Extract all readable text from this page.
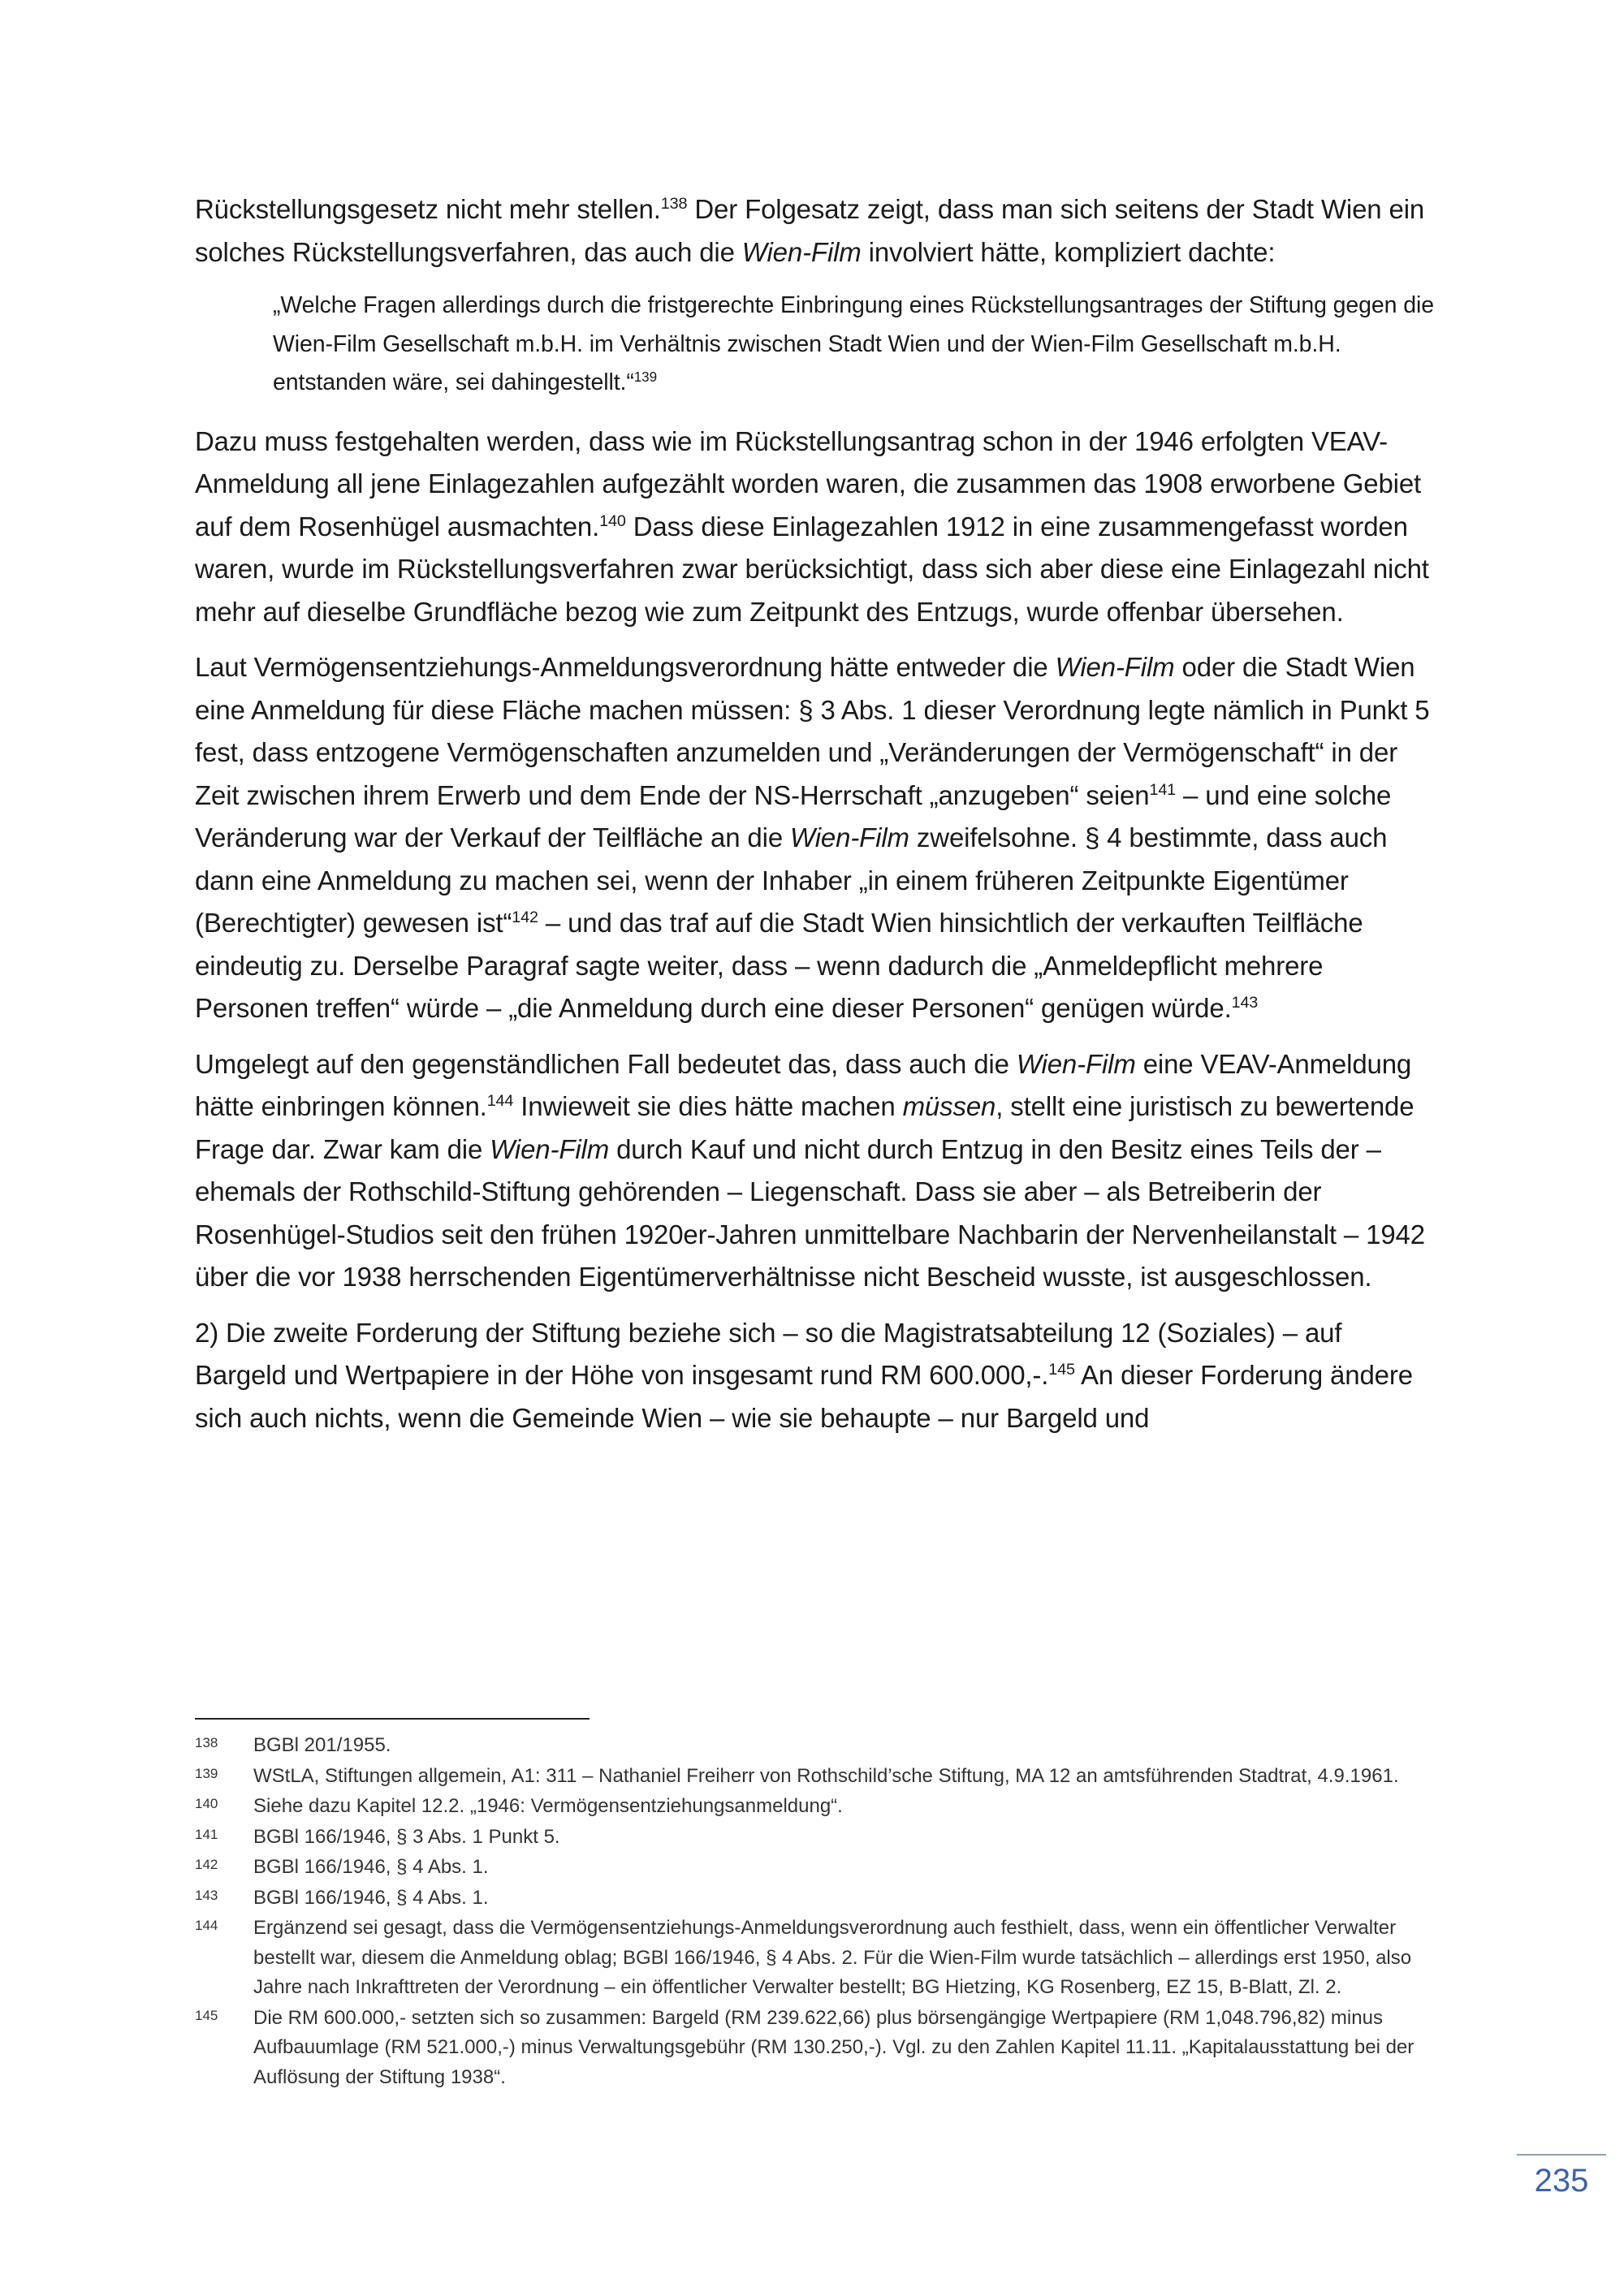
Rückstellungsgesetz nicht mehr stellen.$^{138}$ Der Folgesatz zeigt, dass man sich seitens der Stadt Wien ein solches Rückstellungsverfahren, das auch die Wien-Film involviert hätte, kompliziert dachte:

„Welche Fragen allerdings durch die fristgerechte Einbringung eines Rückstellungsantrages der Stiftung gegen die Wien-Film Gesellschaft m.b.H. im Verhältnis zwischen Stadt Wien und der Wien-Film Gesellschaft m.b.H. entstanden wäre, sei dahingestellt.“$^{139}$

Dazu muss festgehalten werden, dass wie im Rückstellungsantrag schon in der 1946 erfolgten VEAV-Anmeldung all jene Einlagezahlen aufgezählt worden waren, die zusammen das 1908 erworbene Gebiet auf dem Rosenhügel ausmachten.$^{140}$ Dass diese Einlagezahlen 1912 in eine zusammengefasst worden waren, wurde im Rückstellungsverfahren zwar berücksichtigt, dass sich aber diese eine Einlagezahl nicht mehr auf dieselbe Grundfläche bezog wie zum Zeitpunkt des Entzugs, wurde offenbar übersehen.

Laut Vermögensentziehungs-Anmeldungsverordnung hätte entweder die Wien-Film oder die Stadt Wien eine Anmeldung für diese Fläche machen müssen: § 3 Abs. 1 dieser Verordnung legte nämlich in Punkt 5 fest, dass entzogene Vermögenschaften anzumelden und „Veränderungen der Vermögenschaft“ in der Zeit zwischen ihrem Erwerb und dem Ende der NS-Herrschaft „anzugeben“ seien$^{141}$ – und eine solche Veränderung war der Verkauf der Teilfläche an die Wien-Film zweifelsohne. § 4 bestimmte, dass auch dann eine Anmeldung zu machen sei, wenn der Inhaber „in einem früheren Zeitpunkte Eigentümer (Berechtigter) gewesen ist“$^{142}$ – und das traf auf die Stadt Wien hinsichtlich der verkauften Teilfläche eindeutig zu. Derselbe Paragraf sagte weiter, dass – wenn dadurch die „Anmeldepflicht mehrere Personen treffen“ würde – „die Anmeldung durch eine dieser Personen“ genügen würde.$^{143}$

Umgelegt auf den gegenständlichen Fall bedeutet das, dass auch die Wien-Film eine VEAV-Anmeldung hätte einbringen können.$^{144}$ Inwieweit sie dies hätte machen müssen, stellt eine juristisch zu bewertende Frage dar. Zwar kam die Wien-Film durch Kauf und nicht durch Entzug in den Besitz eines Teils der – ehemals der Rothschild-Stiftung gehörenden – Liegenschaft. Dass sie aber – als Betreiberin der Rosenhügel-Studios seit den frühen 1920er-Jahren unmittelbare Nachbarin der Nervenheilanstalt – 1942 über die vor 1938 herrschenden Eigentümerverhältnisse nicht Bescheid wusste, ist ausgeschlossen.

2) Die zweite Forderung der Stiftung beziehe sich – so die Magistratsabteilung 12 (Soziales) – auf Bargeld und Wertpapiere in der Höhe von insgesamt rund RM 600.000,-.$^{145}$ An dieser Forderung ändere sich auch nichts, wenn die Gemeinde Wien – wie sie behaupte – nur Bargeld und

138	BGBl 201/1955.
139	WStLA, Stiftungen allgemein, A1: 311 – Nathaniel Freiherr von Rothschild’sche Stiftung, MA 12 an amtsführenden Stadtrat, 4.9.1961.
140	Siehe dazu Kapitel 12.2. „1946: Vermögensentziehungsanmeldung“.
141	BGBl 166/1946, § 3 Abs. 1 Punkt 5.
142	BGBl 166/1946, § 4 Abs. 1.
143	BGBl 166/1946, § 4 Abs. 1.
144	Ergänzend sei gesagt, dass die Vermögensentziehungs-Anmeldungsverordnung auch festhielt, dass, wenn ein öffentlicher Verwalter bestellt war, diesem die Anmeldung oblag; BGBl 166/1946, § 4 Abs. 2. Für die Wien-Film wurde tatsächlich – allerdings erst 1950, also Jahre nach Inkrafttreten der Verordnung – ein öffentlicher Verwalter bestellt; BG Hietzing, KG Rosenberg, EZ 15, B-Blatt, Zl. 2.
145	Die RM 600.000,- setzten sich so zusammen: Bargeld (RM 239.622,66) plus börsengängige Wertpapiere (RM 1,048.796,82) minus Aufbauumlage (RM 521.000,-) minus Verwaltungsgebühr (RM 130.250,-). Vgl. zu den Zahlen Kapitel 11.11. „Kapitalausstattung bei der Auflösung der Stiftung 1938“.
235
